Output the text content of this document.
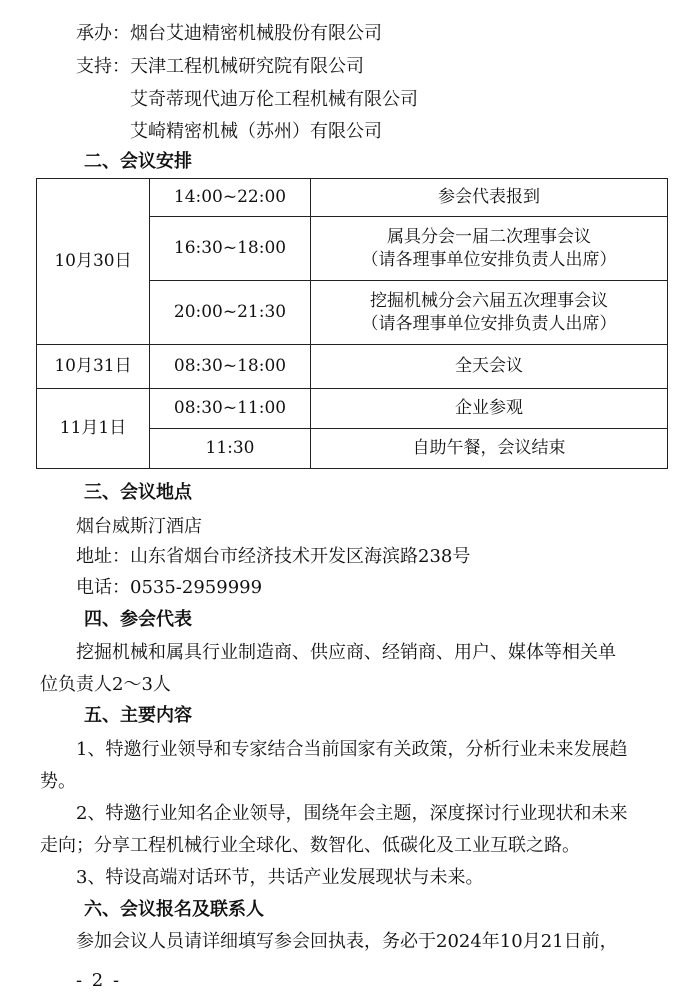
承办：烟台艾迪精密机械股份有限公司
支持：天津工程机械研究院有限公司
艾奇蒂现代迪万伦工程机械有限公司
艾崎精密机械（苏州）有限公司
二、会议安排
10月30日	14:00~22:00	参会代表报到

	16:30~18:00	属具分会一届二次理事会议
（请各理事单位安排负责人出席）

	20:00~21:30	挖掘机械分会六届五次理事会议
（请各理事单位安排负责人出席）

10月31日	08:30~18:00	全天会议

11月1日	08:30~11:00	企业参观

	11:30	自助午餐，会议结束
三、会议地点
烟台威斯汀酒店
地址：山东省烟台市经济技术开发区海滨路238号
电话：0535-2959999
四、参会代表
挖掘机械和属具行业制造商、供应商、经销商、用户、媒体等相关单
位负责人2～3人
五、主要内容
1、特邀行业领导和专家结合当前国家有关政策，分析行业未来发展趋
势。
2、特邀行业知名企业领导，围绕年会主题，深度探讨行业现状和未来
走向；分享工程机械行业全球化、数智化、低碳化及工业互联之路。
3、特设高端对话环节，共话产业发展现状与未来。
六、会议报名及联系人
参加会议人员请详细填写参会回执表，务必于2024年10月21日前，
- 2 -
